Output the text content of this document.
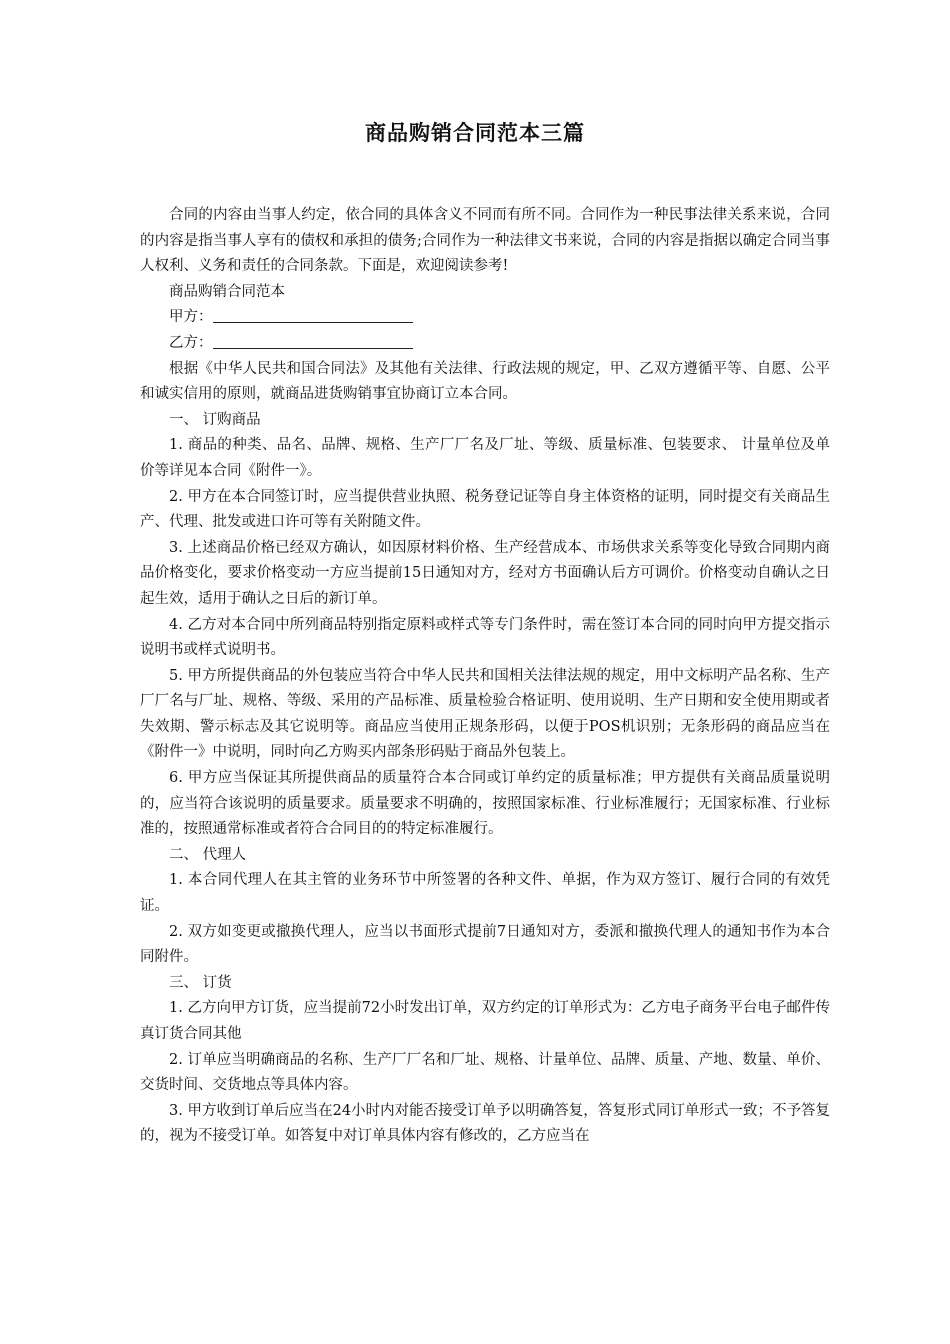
商品购销合同范本三篇

合同的内容由当事人约定，依合同的具体含义不同而有所不同。合同作为一种民事法律关系来说，合同的内容是指当事人享有的债权和承担的债务;合同作为一种法律文书来说，合同的内容是指据以确定合同当事人权利、义务和责任的合同条款。下面是，欢迎阅读参考!

商品购销合同范本

甲方：
乙方：

根据《中华人民共和国合同法》及其他有关法律、行政法规的规定，甲、乙双方遵循平等、自愿、公平和诚实信用的原则，就商品进货购销事宜协商订立本合同。

一、 订购商品

1. 商品的种类、品名、品牌、规格、生产厂厂名及厂址、等级、质量标准、包装要求、 计量单位及单价等详见本合同《附件一》。

2. 甲方在本合同签订时，应当提供营业执照、税务登记证等自身主体资格的证明，同时提交有关商品生产、代理、批发或进口许可等有关附随文件。

3. 上述商品价格已经双方确认，如因原材料价格、生产经营成本、市场供求关系等变化导致合同期内商品价格变化，要求价格变动一方应当提前15日通知对方，经对方书面确认后方可调价。价格变动自确认之日起生效，适用于确认之日后的新订单。

4. 乙方对本合同中所列商品特别指定原料或样式等专门条件时，需在签订本合同的同时向甲方提交指示说明书或样式说明书。

5. 甲方所提供商品的外包装应当符合中华人民共和国相关法律法规的规定，用中文标明产品名称、生产厂厂名与厂址、规格、等级、采用的产品标准、质量检验合格证明、使用说明、生产日期和安全使用期或者失效期、警示标志及其它说明等。商品应当使用正规条形码，以便于POS机识别；无条形码的商品应当在《附件一》中说明，同时向乙方购买内部条形码贴于商品外包装上。

6. 甲方应当保证其所提供商品的质量符合本合同或订单约定的质量标准；甲方提供有关商品质量说明的，应当符合该说明的质量要求。质量要求不明确的，按照国家标准、行业标准履行；无国家标准、行业标准的，按照通常标准或者符合合同目的的特定标准履行。

二、 代理人

1. 本合同代理人在其主管的业务环节中所签署的各种文件、单据，作为双方签订、履行合同的有效凭证。

2. 双方如变更或撤换代理人，应当以书面形式提前7日通知对方，委派和撤换代理人的通知书作为本合同附件。

三、 订货

1. 乙方向甲方订货，应当提前72小时发出订单，双方约定的订单形式为：乙方电子商务平台电子邮件传真订货合同其他

2. 订单应当明确商品的名称、生产厂厂名和厂址、规格、计量单位、品牌、质量、产地、数量、单价、交货时间、交货地点等具体内容。

3. 甲方收到订单后应当在24小时内对能否接受订单予以明确答复，答复形式同订单形式一致；不予答复的，视为不接受订单。如答复中对订单具体内容有修改的，乙方应当在
